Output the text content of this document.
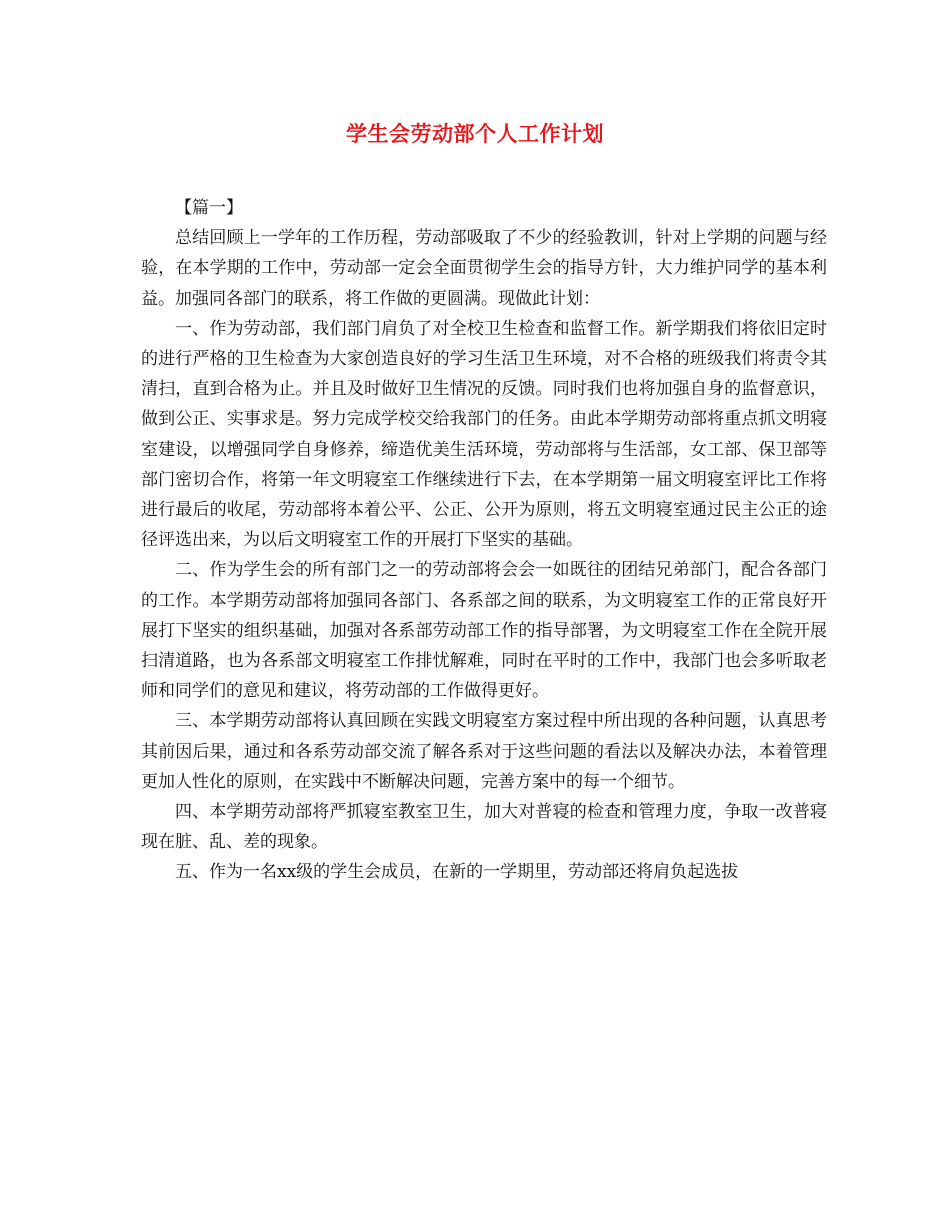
学生会劳动部个人工作计划

【篇一】

总结回顾上一学年的工作历程，劳动部吸取了不少的经验教训，针对上学期的问题与经验，在本学期的工作中，劳动部一定会全面贯彻学生会的指导方针，大力维护同学的基本利益。加强同各部门的联系，将工作做的更圆满。现做此计划：

一、作为劳动部，我们部门肩负了对全校卫生检查和监督工作。新学期我们将依旧定时的进行严格的卫生检查为大家创造良好的学习生活卫生环境，对不合格的班级我们将责令其清扫，直到合格为止。并且及时做好卫生情况的反馈。同时我们也将加强自身的监督意识，做到公正、实事求是。努力完成学校交给我部门的任务。由此本学期劳动部将重点抓文明寝室建设，以增强同学自身修养，缔造优美生活环境，劳动部将与生活部，女工部、保卫部等部门密切合作，将第一年文明寝室工作继续进行下去，在本学期第一届文明寝室评比工作将进行最后的收尾，劳动部将本着公平、公正、公开为原则，将五文明寝室通过民主公正的途径评选出来，为以后文明寝室工作的开展打下坚实的基础。

二、作为学生会的所有部门之一的劳动部将会会一如既往的团结兄弟部门，配合各部门的工作。本学期劳动部将加强同各部门、各系部之间的联系，为文明寝室工作的正常良好开展打下坚实的组织基础，加强对各系部劳动部工作的指导部署，为文明寝室工作在全院开展扫清道路，也为各系部文明寝室工作排忧解难，同时在平时的工作中，我部门也会多听取老师和同学们的意见和建议，将劳动部的工作做得更好。

三、本学期劳动部将认真回顾在实践文明寝室方案过程中所出现的各种问题，认真思考其前因后果，通过和各系劳动部交流了解各系对于这些问题的看法以及解决办法，本着管理更加人性化的原则，在实践中不断解决问题，完善方案中的每一个细节。

四、本学期劳动部将严抓寝室教室卫生，加大对普寝的检查和管理力度，争取一改普寝现在脏、乱、差的现象。

五、作为一名xx级的学生会成员，在新的一学期里，劳动部还将肩负起选拔
